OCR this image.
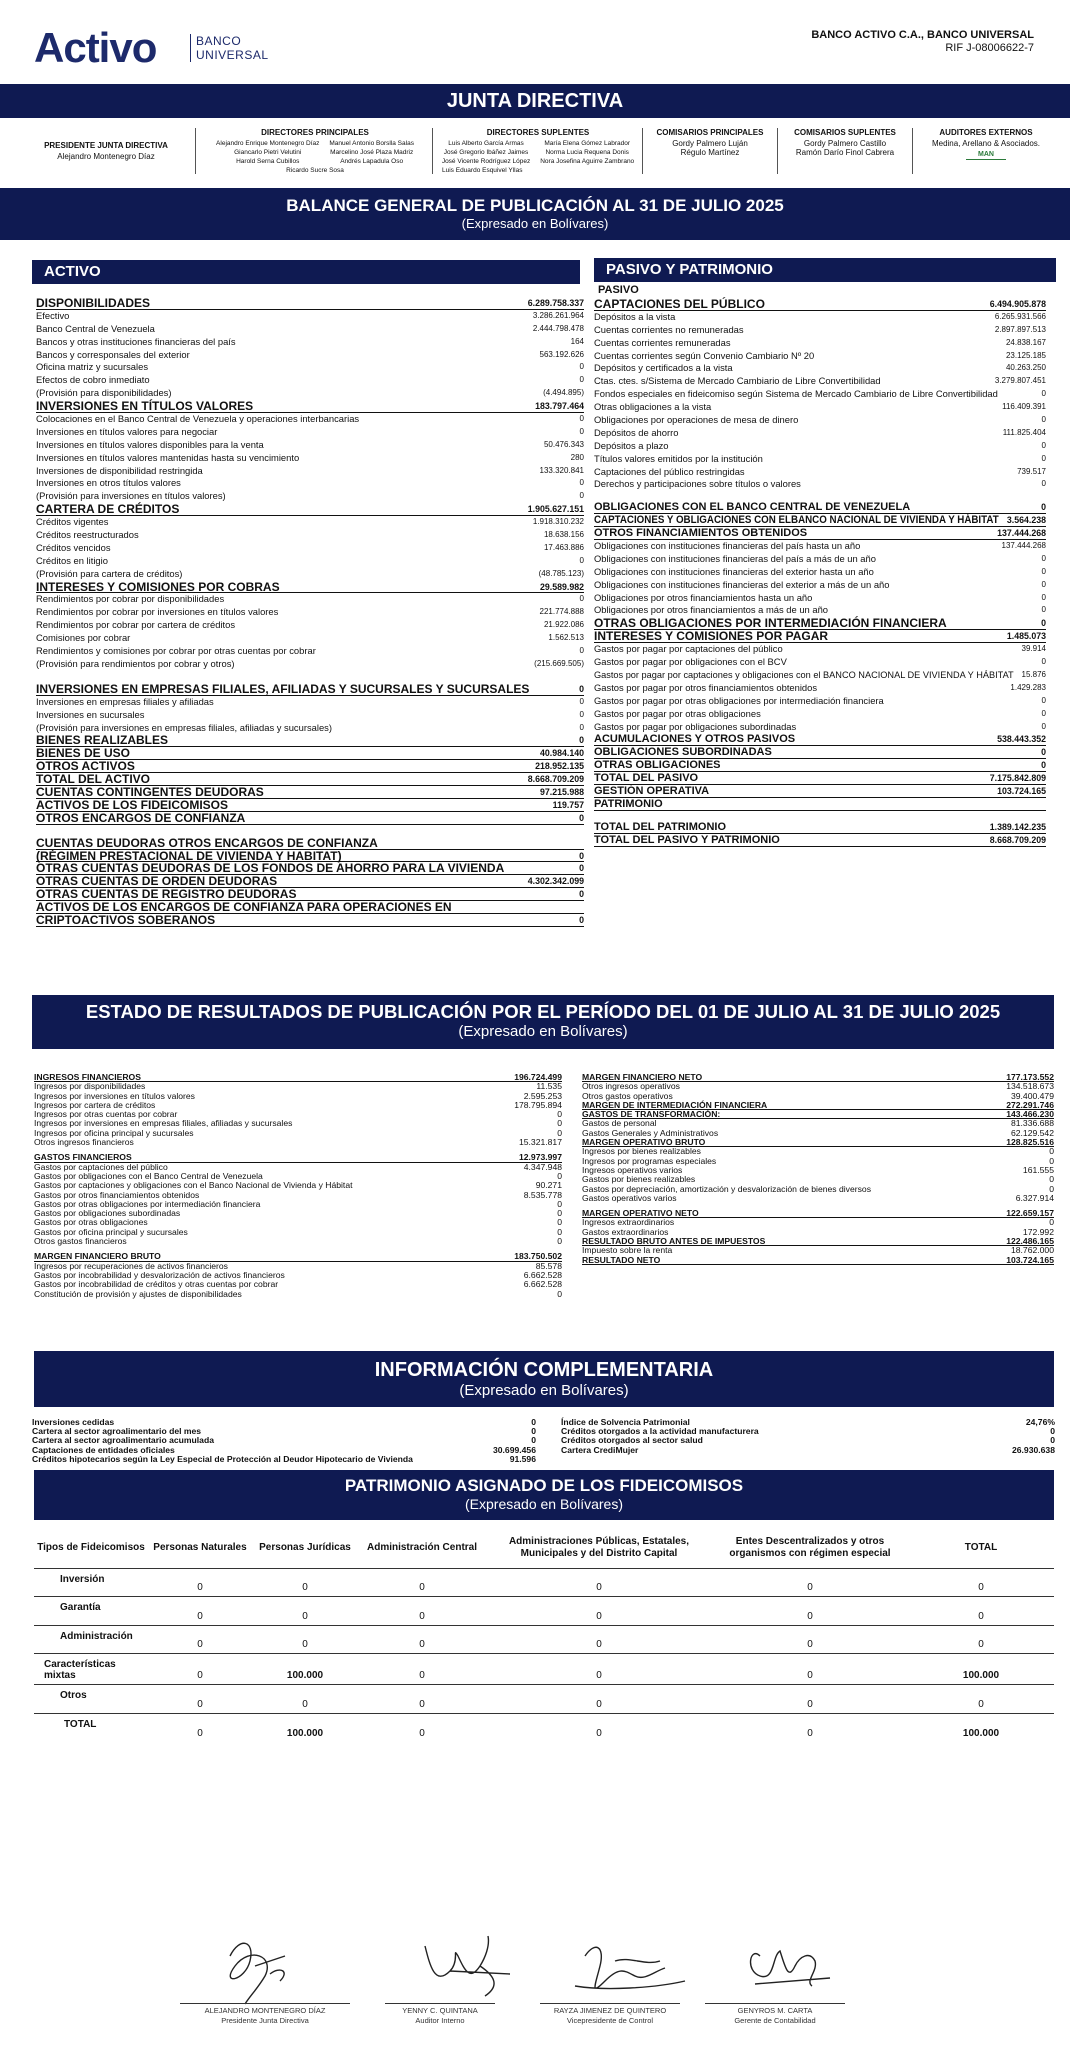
Activo	BANCO
UNIVERSAL
BANCO ACTIVO C.A., BANCO UNIVERSAL
RIF J-08006622-7
JUNTA DIRECTIVA
PRESIDENTE JUNTA DIRECTIVA
Alejandro Montenegro Díaz
DIRECTORES PRINCIPALES
Alejandro Enrique Montenegro Díaz
Giancarlo Pietri Velutini
Harold Serna Cubillos
Manuel Antonio Borslla Salas
Marcelino José Plaza Madriz
Andrés Lapadula Oso
Ricardo Sucre Sosa
DIRECTORES SUPLENTES
Luis Alberto García Armas
José Gregorio Ibáñez Jaimes
José Vicente Rodríguez López
María Elena Gómez Labrador
Norma Lucia Requena Donis
Nora Josefina Aguirre Zambrano
Luis Eduardo Esquivel Yllas
COMISARIOS PRINCIPALES
Gordy Palmero Luján
Régulo Martínez
COMISARIOS SUPLENTES
Gordy Palmero Castillo
Ramón Darío Finol Cabrera
AUDITORES EXTERNOS
Medina, Arellano & Asociados.
MAN
BALANCE GENERAL DE PUBLICACIÓN AL 31 DE JULIO 2025
(Expresado en Bolívares)
ACTIVO	PASIVO Y PATRIMONIO
PASIVO
DISPONIBILIDADES	6.289.758.337
Efectivo	3.286.261.964
Banco Central de Venezuela	2.444.798.478
Bancos y otras instituciones financieras del país	164
Bancos y corresponsales del exterior	563.192.626
Oficina matriz y sucursales	0
Efectos de cobro inmediato	0
(Provisión para disponibilidades)	(4.494.895)
INVERSIONES EN TÍTULOS VALORES	183.797.464
Colocaciones en el Banco Central de Venezuela y operaciones interbancarias	0
Inversiones en títulos valores para negociar	0
Inversiones en títulos valores disponibles para la venta	50.476.343
Inversiones en títulos valores mantenidas hasta su vencimiento	280
Inversiones de disponibilidad restringida	133.320.841
Inversiones en otros títulos valores	0
(Provisión para inversiones en títulos valores)	0
CARTERA DE CRÉDITOS	1.905.627.151
Créditos vigentes	1.918.310.232
Créditos reestructurados	18.638.156
Créditos vencidos	17.463.886
Créditos en litigio	0
(Provisión para cartera de créditos)	(48.785.123)
INTERESES Y COMISIONES POR COBRAS	29.589.982
Rendimientos por cobrar por disponibilidades	0
Rendimientos por cobrar por inversiones en títulos valores	221.774.888
Rendimientos por cobrar por cartera de créditos	21.922.086
Comisiones por cobrar	1.562.513
Rendimientos y comisiones por cobrar por otras cuentas por cobrar	0
(Provisión para rendimientos por cobrar y otros)	(215.669.505)
INVERSIONES EN EMPRESAS FILIALES, AFILIADAS Y SUCURSALES Y SUCURSALES	0
Inversiones en empresas filiales y afiliadas	0
Inversiones en sucursales	0
(Provisión para inversiones en empresas filiales, afiliadas y sucursales)	0
BIENES REALIZABLES	0
BIENES DE USO	40.984.140
OTROS ACTIVOS	218.952.135
TOTAL DEL ACTIVO	8.668.709.209
CUENTAS CONTINGENTES DEUDORAS	97.215.988
ACTIVOS DE LOS FIDEICOMISOS	119.757
OTROS ENCARGOS DE CONFIANZA	0
CUENTAS DEUDORAS OTROS ENCARGOS DE CONFIANZA
(RÉGIMEN PRESTACIONAL DE VIVIENDA Y HABITAT)	0
OTRAS CUENTAS DEUDORAS DE LOS FONDOS DE AHORRO PARA LA VIVIENDA	0
OTRAS CUENTAS DE ORDEN DEUDORAS	4.302.342.099
OTRAS CUENTAS DE REGISTRO DEUDORAS	0
ACTIVOS DE LOS ENCARGOS DE CONFIANZA PARA OPERACIONES EN
CRIPTOACTIVOS SOBERANOS	0
CAPTACIONES DEL PÚBLICO	6.494.905.878
Depósitos a la vista	6.265.931.566
Cuentas corrientes no remuneradas	2.897.897.513
Cuentas corrientes remuneradas	24.838.167
Cuentas corrientes según Convenio Cambiario Nº 20	23.125.185
Depósitos y certificados a la vista	40.263.250
Ctas. ctes. s/Sistema de Mercado Cambiario de Libre Convertibilidad	3.279.807.451
Fondos especiales en fideicomiso según Sistema de Mercado Cambiario de Libre Convertibilidad	0
Otras obligaciones a la vista	116.409.391
Obligaciones por operaciones de mesa de dinero	0
Depósitos de ahorro	111.825.404
Depósitos a plazo	0
Títulos valores emitidos por la institución	0
Captaciones del público restringidas	739.517
Derechos y participaciones sobre títulos o valores	0
OBLIGACIONES CON EL BANCO CENTRAL DE VENEZUELA	0
CAPTACIONES Y OBLIGACIONES CON ELBANCO NACIONAL DE VIVIENDA Y HÁBITAT 3.564.238
OTROS FINANCIAMIENTOS OBTENIDOS	137.444.268
Obligaciones con instituciones financieras del país hasta un año	137.444.268
Obligaciones con instituciones financieras del país a más de un año	0
Obligaciones con instituciones financieras del exterior hasta un año	0
Obligaciones con instituciones financieras del exterior a más de un año	0
Obligaciones por otros financiamientos hasta un año	0
Obligaciones por otros financiamientos a más de un año	0
OTRAS OBLIGACIONES POR INTERMEDIACIÓN FINANCIERA	0
INTERESES Y COMISIONES POR PAGAR	1.485.073
Gastos por pagar por captaciones del público	39.914
Gastos por pagar por obligaciones con el BCV	0
Gastos por pagar por captaciones y obligaciones con el BANCO NACIONAL DE VIVIENDA Y HÁBITAT 15.876
Gastos por pagar por otros financiamientos obtenidos	1.429.283
Gastos por pagar por otras obligaciones por intermediación financiera	0
Gastos por pagar por otras obligaciones	0
Gastos por pagar por obligaciones subordinadas	0
ACUMULACIONES Y OTROS PASIVOS	538.443.352
OBLIGACIONES SUBORDINADAS	0
OTRAS OBLIGACIONES	0
TOTAL DEL PASIVO	7.175.842.809
GESTIÓN OPERATIVA	103.724.165
PATRIMONIO
TOTAL DEL PATRIMONIO	1.389.142.235
TOTAL DEL PASIVO Y PATRIMONIO	8.668.709.209
ESTADO DE RESULTADOS DE PUBLICACIÓN POR EL PERÍODO DEL 01 DE JULIO AL 31 DE JULIO 2025
(Expresado en Bolívares)
INGRESOS FINANCIEROS	196.724.499
Ingresos por disponibilidades	11.535
Ingresos por inversiones en títulos valores	2.595.253
Ingresos por cartera de créditos	178.795.894
Ingresos por otras cuentas por cobrar	0
Ingresos por inversiones en empresas filiales, afiliadas y sucursales	0
Ingresos por oficina principal y sucursales	0
Otros ingresos financieros	15.321.817
GASTOS FINANCIEROS	12.973.997
Gastos por captaciones del público	4.347.948
Gastos por obligaciones con el Banco Central de Venezuela	0
Gastos por captaciones y obligaciones con el Banco Nacional de Vivienda y Hábitat	90.271
Gastos por otros financiamientos obtenidos	8.535.778
Gastos por otras obligaciones por intermediación financiera	0
Gastos por obligaciones subordinadas	0
Gastos por otras obligaciones	0
Gastos por oficina principal y sucursales	0
Otros gastos financieros	0
MARGEN FINANCIERO BRUTO	183.750.502
Ingresos por recuperaciones de activos financieros	85.578
Gastos por incobrabilidad y desvalorización de activos financieros	6.662.528
Gastos por incobrabilidad de créditos y otras cuentas por cobrar	6.662.528
Constitución de provisión y ajustes de disponibilidades	0
MARGEN FINANCIERO NETO	177.173.552
Otros ingresos operativos	134.518.673
Otros gastos operativos	39.400.479
MARGEN DE INTERMEDIACIÓN FINANCIERA	272.291.746
GASTOS DE TRANSFORMACIÓN:	143.466.230
Gastos de personal	81.336.688
Gastos Generales y Administrativos	62.129.542
MARGEN OPERATIVO BRUTO	128.825.516
Ingresos por bienes realizables	0
Ingresos por programas especiales	0
Ingresos operativos varios	161.555
Gastos por bienes realizables	0
Gastos por depreciación, amortización y desvalorización de bienes diversos	0
Gastos operativos varios	6.327.914
MARGEN OPERATIVO NETO	122.659.157
Ingresos extraordinarios	0
Gastos extraordinarios	172.992
RESULTADO BRUTO ANTES DE IMPUESTOS	122.486.165
Impuesto sobre la renta	18.762.000
RESULTADO NETO	103.724.165
INFORMACIÓN COMPLEMENTARIA
(Expresado en Bolívares)
Inversiones cedidas	0
Cartera al sector agroalimentario del mes	0
Cartera al sector agroalimentario acumulada	0
Captaciones de entidades oficiales	30.699.456
Créditos hipotecarios según la Ley Especial de Protección al Deudor Hipotecario de Vivienda	91.596
Índice de Solvencia Patrimonial	24,76%
Créditos otorgados a la actividad manufacturera	0
Créditos otorgados al sector salud	0
Cartera CrediMujer	26.930.638
PATRIMONIO ASIGNADO DE LOS FIDEICOMISOS
(Expresado en Bolívares)
Tipos de Fideicomisos	Personas Naturales	Personas Jurídicas	Administración Central	Administraciones Públicas, Estatales, Municipales y del Distrito Capital	Entes Descentralizados y otros organismos con régimen especial	TOTAL
Inversión	0	0	0	0	0	0
Garantía	0	0	0	0	0	0
Administración	0	0	0	0	0	0
Características mixtas	0	100.000	0	0	0	100.000
Otros	0	0	0	0	0	0
TOTAL	0	100.000	0	0	0	100.000
ALEJANDRO MONTENEGRO DÍAZ
Presidente Junta Directiva
YENNY C. QUINTANA
Auditor Interno
RAYZA JIMENEZ DE QUINTERO
Vicepresidente de Control
GENYROS M. CARTA
Gerente de Contabilidad
